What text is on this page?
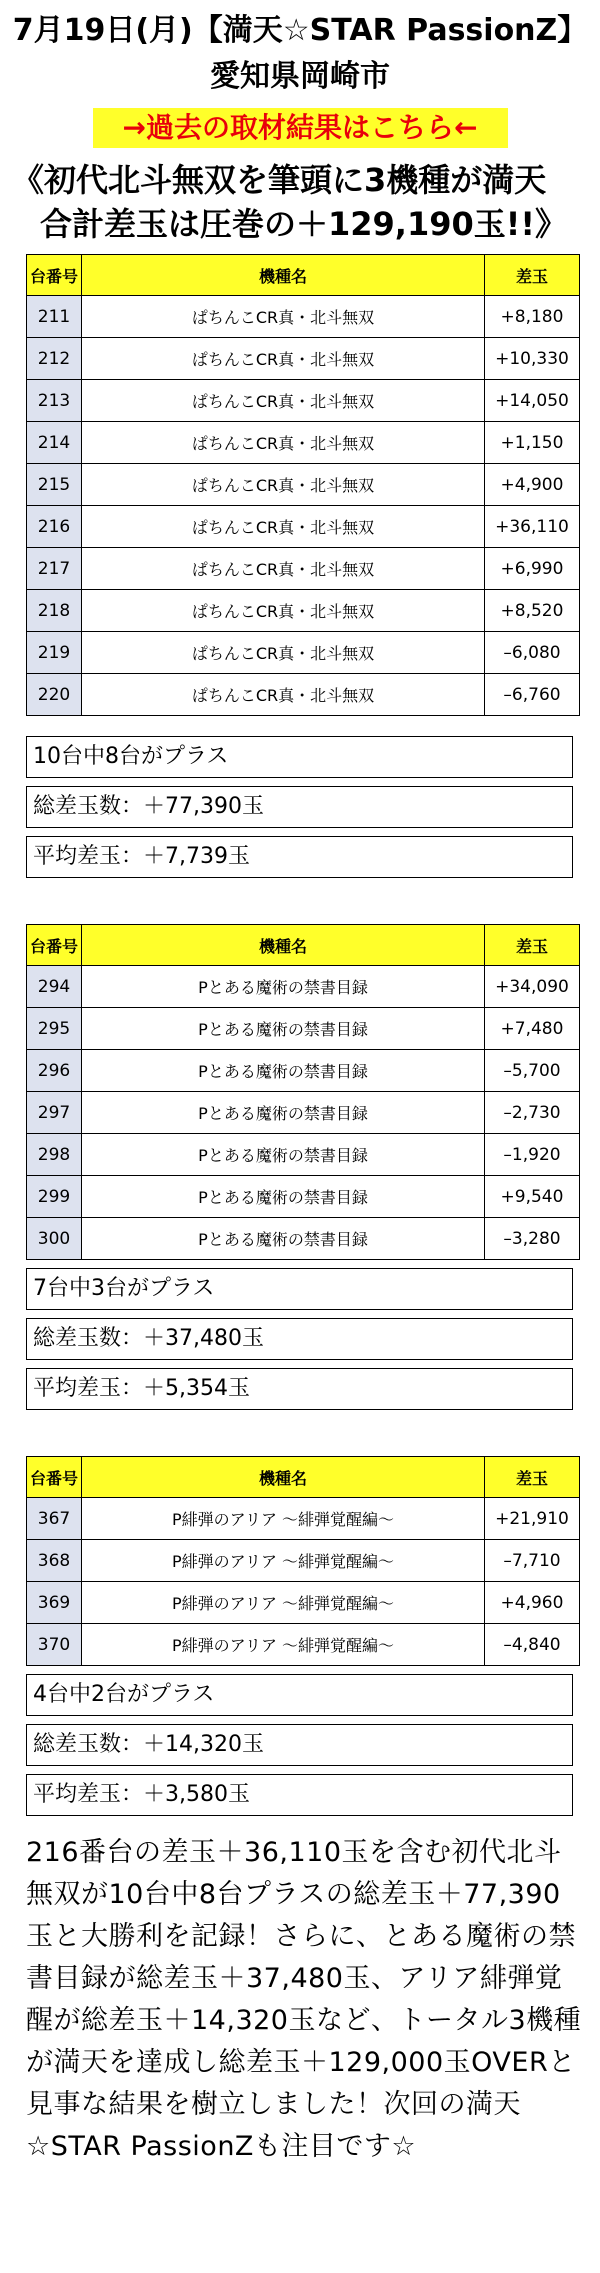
7月19日(月)【満天☆STAR PassionZ】
愛知県岡崎市
→過去の取材結果はこちら←
《初代北斗無双を筆頭に3機種が満天
合計差玉は圧巻の＋129,190玉!!》
台番号	機種名	差玉
211	ぱちんこCR真・北斗無双	+8,180
212	ぱちんこCR真・北斗無双	+10,330
213	ぱちんこCR真・北斗無双	+14,050
214	ぱちんこCR真・北斗無双	+1,150
215	ぱちんこCR真・北斗無双	+4,900
216	ぱちんこCR真・北斗無双	+36,110
217	ぱちんこCR真・北斗無双	+6,990
218	ぱちんこCR真・北斗無双	+8,520
219	ぱちんこCR真・北斗無双	–6,080
220	ぱちんこCR真・北斗無双	–6,760
10台中8台がプラス
総差玉数：＋77,390玉
平均差玉：＋7,739玉
台番号	機種名	差玉
294	Pとある魔術の禁書目録	+34,090
295	Pとある魔術の禁書目録	+7,480
296	Pとある魔術の禁書目録	–5,700
297	Pとある魔術の禁書目録	–2,730
298	Pとある魔術の禁書目録	–1,920
299	Pとある魔術の禁書目録	+9,540
300	Pとある魔術の禁書目録	–3,280
7台中3台がプラス
総差玉数：＋37,480玉
平均差玉：＋5,354玉
台番号	機種名	差玉
367	P緋弾のアリア 〜緋弾覚醒編〜	+21,910
368	P緋弾のアリア 〜緋弾覚醒編〜	–7,710
369	P緋弾のアリア 〜緋弾覚醒編〜	+4,960
370	P緋弾のアリア 〜緋弾覚醒編〜	–4,840
4台中2台がプラス
総差玉数：＋14,320玉
平均差玉：＋3,580玉
216番台の差玉＋36,110玉を含む初代北斗無双が10台中8台プラスの総差玉＋77,390玉と大勝利を記録！さらに、とある魔術の禁書目録が総差玉＋37,480玉、アリア緋弾覚醒が総差玉＋14,320玉など、トータル3機種が満天を達成し総差玉＋129,000玉OVERと見事な結果を樹立しました！次回の満天☆STAR PassionZも注目です☆
